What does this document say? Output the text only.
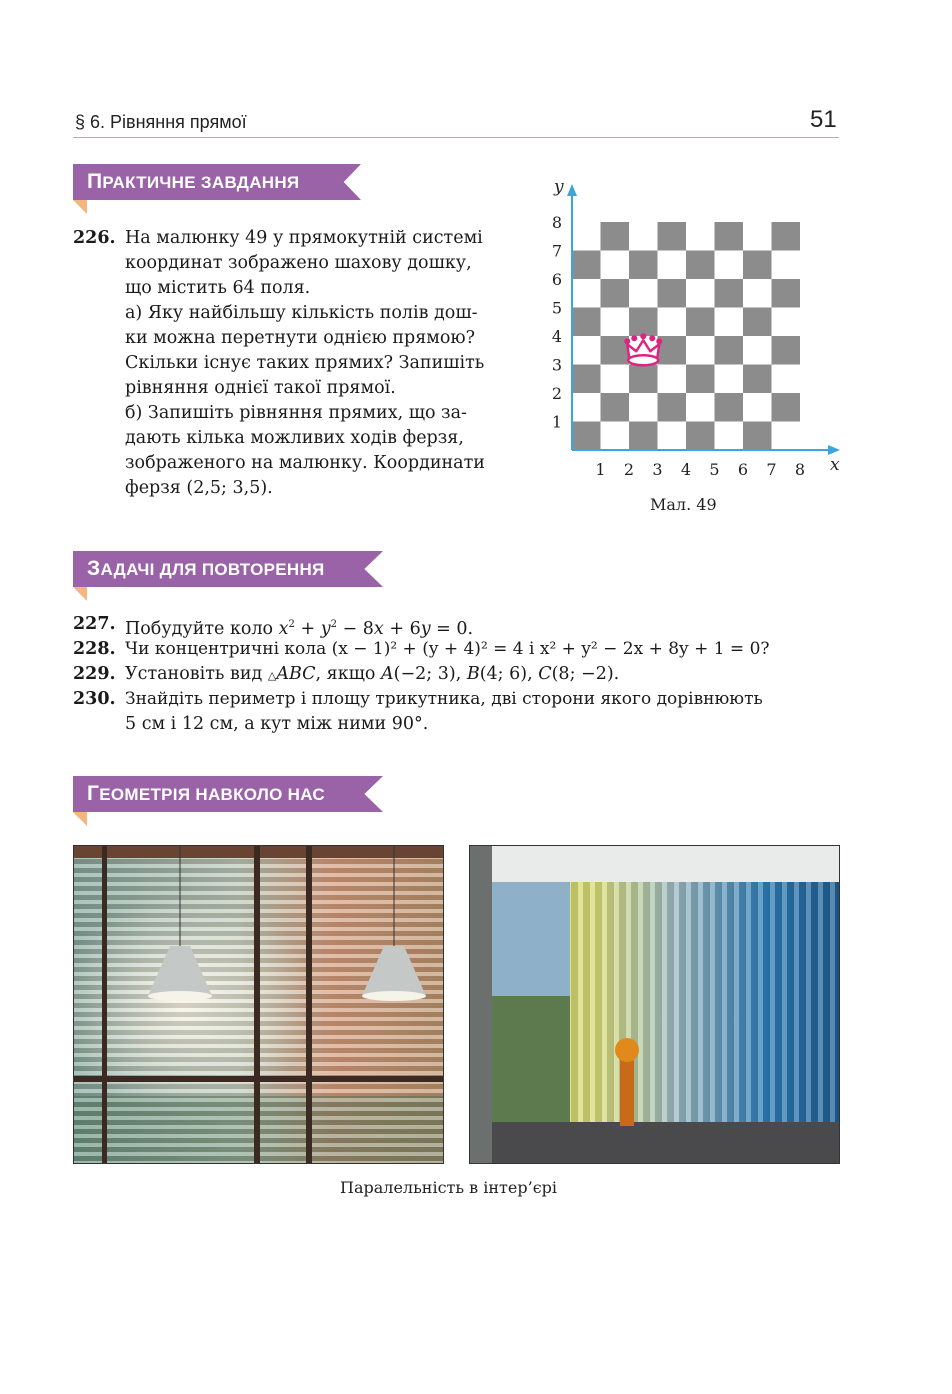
§ 6. Рівняння прямої	51
ПРАКТИЧНЕ ЗАВДАННЯ
226. На малюнку 49 у прямокутній системі
координат зображено шахову дошку,
що містить 64 поля.
а) Яку найбільшу кількість полів дош-
ки можна перетнути однією прямою?
Скільки існує таких прямих? Запишіть
рівняння однієї такої прямої.
б) Запишіть рівняння прямих, що за-
дають кілька можливих ходів ферзя,
зображеного на малюнку. Координати
ферзя (2,5; 3,5).
1 2 3 4 5 6 7 8
1
2
3
4
5
6
7
8
x
y
Мал. 49
ЗАДАЧІ ДЛЯ ПОВТОРЕННЯ
227. Побудуйте коло $x^2 + y^2 - 8x + 6y = 0$.
228. Чи концентричні кола (x − 1)² + (y + 4)² = 4 і x² + y² − 2x + 8y + 1 = 0?
229. Установіть вид △ABC, якщо A(−2; 3), B(4; 6), C(8; −2).
230. Знайдіть периметр і площу трикутника, дві сторони якого дорівнюють
5 см і 12 см, а кут між ними 90°.
ГЕОМЕТРІЯ НАВКОЛО НАС
Паралельність в інтер’єрі
